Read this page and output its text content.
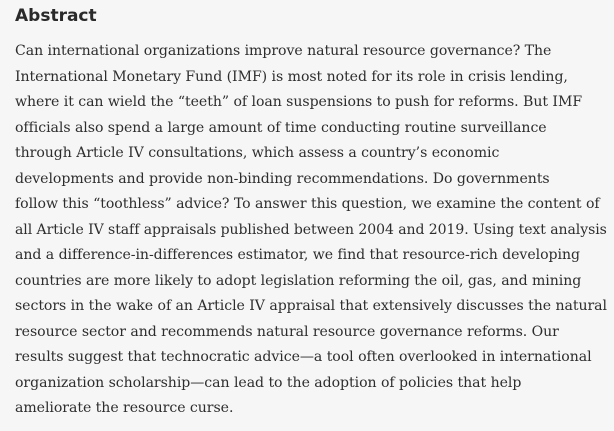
Abstract

Can international organizations improve natural resource governance? The
International Monetary Fund (IMF) is most noted for its role in crisis lending,
where it can wield the “teeth” of loan suspensions to push for reforms. But IMF
officials also spend a large amount of time conducting routine surveillance
through Article IV consultations, which assess a country’s economic
developments and provide non-binding recommendations. Do governments
follow this “toothless” advice? To answer this question, we examine the content of
all Article IV staff appraisals published between 2004 and 2019. Using text analysis
and a difference-in-differences estimator, we find that resource-rich developing
countries are more likely to adopt legislation reforming the oil, gas, and mining
sectors in the wake of an Article IV appraisal that extensively discusses the natural
resource sector and recommends natural resource governance reforms. Our
results suggest that technocratic advice—a tool often overlooked in international
organization scholarship—can lead to the adoption of policies that help
ameliorate the resource curse.
